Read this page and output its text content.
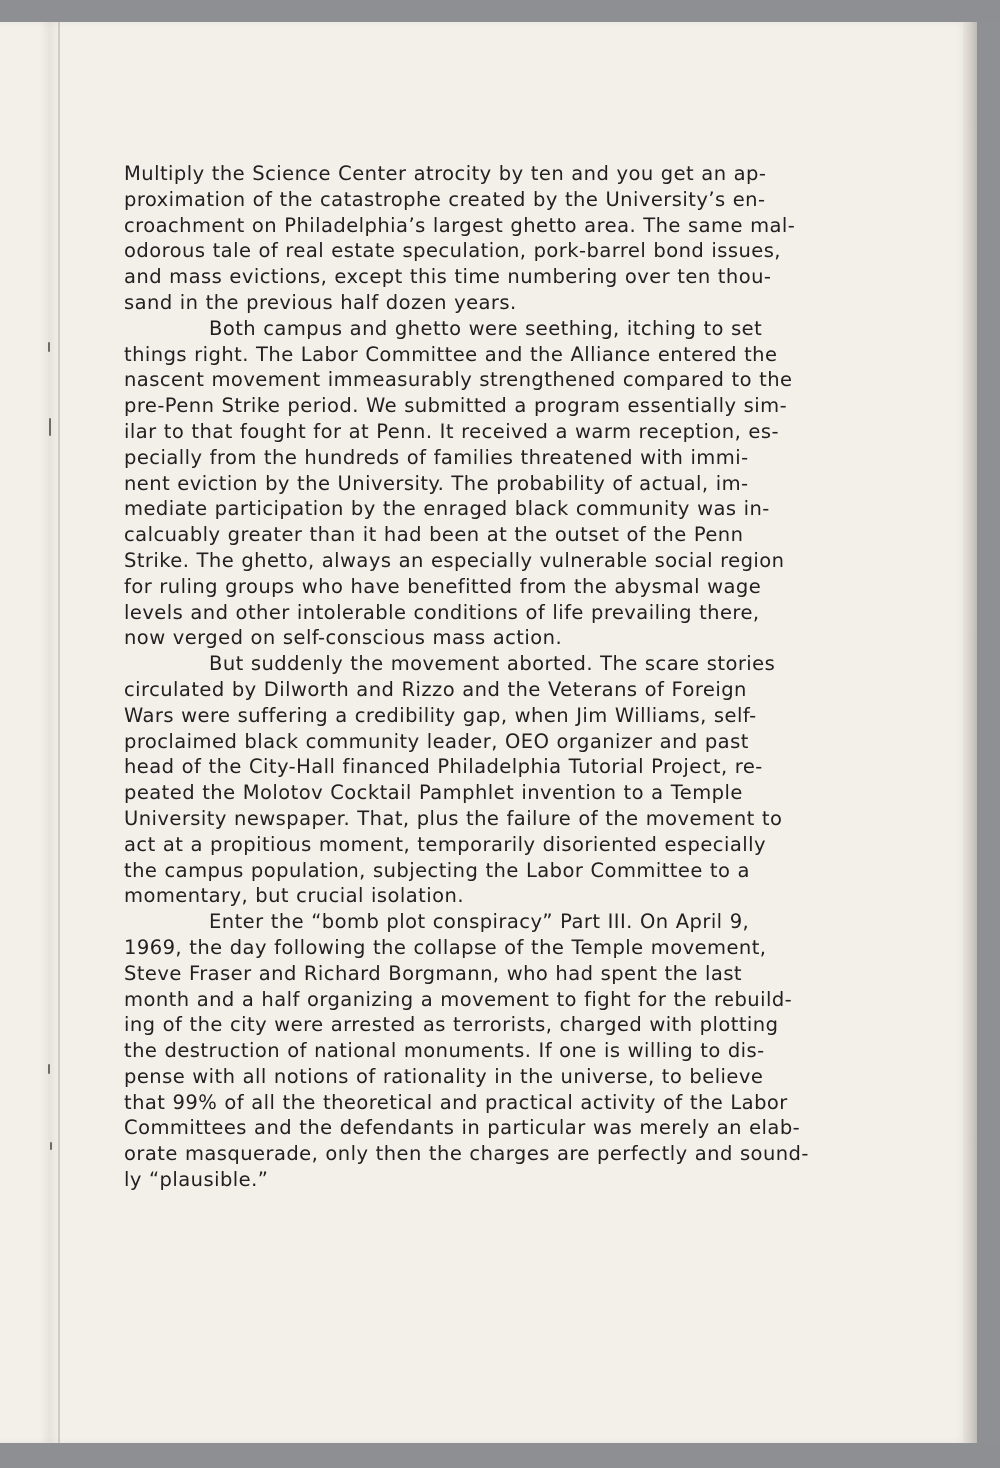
Multiply the Science Center atrocity by ten and you get an ap-
proximation of the catastrophe created by the University’s en-
croachment on Philadelphia’s largest ghetto area. The same mal-
odorous tale of real estate speculation, pork-barrel bond issues,
and mass evictions, except this time numbering over ten thou-
sand in the previous half dozen years.
Both campus and ghetto were seething, itching to set
things right. The Labor Committee and the Alliance entered the
nascent movement immeasurably strengthened compared to the
pre-Penn Strike period. We submitted a program essentially sim-
ilar to that fought for at Penn. It received a warm reception, es-
pecially from the hundreds of families threatened with immi-
nent eviction by the University. The probability of actual, im-
mediate participation by the enraged black community was in-
calcuably greater than it had been at the outset of the Penn
Strike. The ghetto, always an especially vulnerable social region
for ruling groups who have benefitted from the abysmal wage
levels and other intolerable conditions of life prevailing there,
now verged on self-conscious mass action.
But suddenly the movement aborted. The scare stories
circulated by Dilworth and Rizzo and the Veterans of Foreign
Wars were suffering a credibility gap, when Jim Williams, self-
proclaimed black community leader, OEO organizer and past
head of the City-Hall financed Philadelphia Tutorial Project, re-
peated the Molotov Cocktail Pamphlet invention to a Temple
University newspaper. That, plus the failure of the movement to
act at a propitious moment, temporarily disoriented especially
the campus population, subjecting the Labor Committee to a
momentary, but crucial isolation.
Enter the “bomb plot conspiracy” Part III. On April 9,
1969, the day following the collapse of the Temple movement,
Steve Fraser and Richard Borgmann, who had spent the last
month and a half organizing a movement to fight for the rebuild-
ing of the city were arrested as terrorists, charged with plotting
the destruction of national monuments. If one is willing to dis-
pense with all notions of rationality in the universe, to believe
that 99% of all the theoretical and practical activity of the Labor
Committees and the defendants in particular was merely an elab-
orate masquerade, only then the charges are perfectly and sound-
ly “plausible.”
